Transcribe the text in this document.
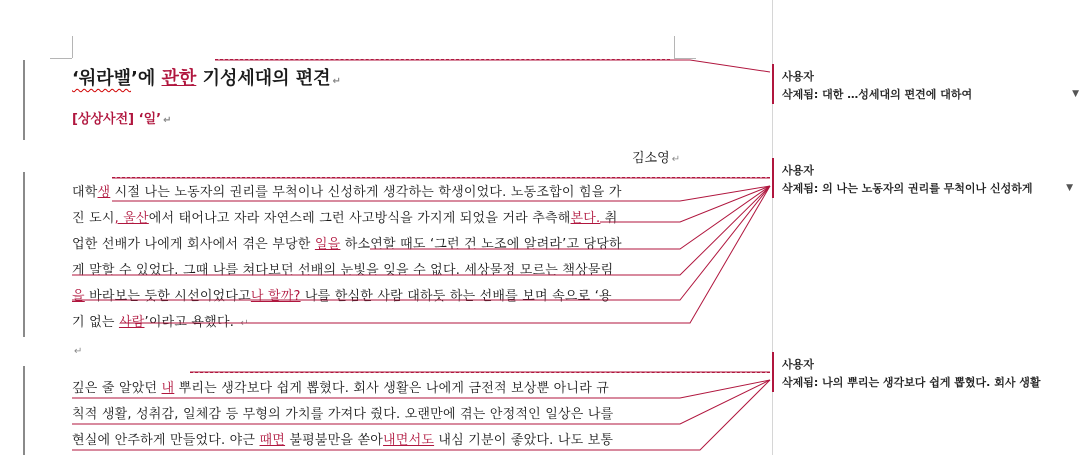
‘워라밸’에 관한 기성세대의 편견 ↵
[상상사전] ‘일’ ↵
김소영 ↵
대학생 시절 나는 노동자의 권리를 무척이나 신성하게 생각하는 학생이었다. 노동조합이 힘을 가
진 도시, 울산에서 태어나고 자라 자연스레 그런 사고방식을 가지게 되었을 거라 추측해본다. 취
업한 선배가 나에게 회사에서 겪은 부당한 일을 하소연할 때도 ‘그런 건 노조에 알려라’고 당당하
게 말할 수 있었다. 그때 나를 쳐다보던 선배의 눈빛을 잊을 수 없다. 세상물정 모르는 책상물림
을 바라보는 듯한 시선이었다고나 할까? 나를 한심한 사람 대하듯 하는 선배를 보며 속으로 ‘용
기 없는 사람’이라고 욕했다. ↵
↵
깊은 줄 알았던 내 뿌리는 생각보다 쉽게 뽑혔다. 회사 생활은 나에게 금전적 보상뿐 아니라 규
칙적 생활, 성취감, 일체감 등 무형의 가치를 가져다 줬다. 오랜만에 겪는 안정적인 일상은 나를
현실에 안주하게 만들었다. 야근 때면 불평불만을 쏟아내면서도 내심 기분이 좋았다. 나도 보통
사용자
삭제됨: 대한 …성세대의 편견에 대하여	▼
사용자
삭제됨: 의 나는 노동자의 권리를 무척이나 신성하게	▼
사용자
삭제됨: 나의 뿌리는 생각보다 쉽게 뽑혔다. 회사 생활
